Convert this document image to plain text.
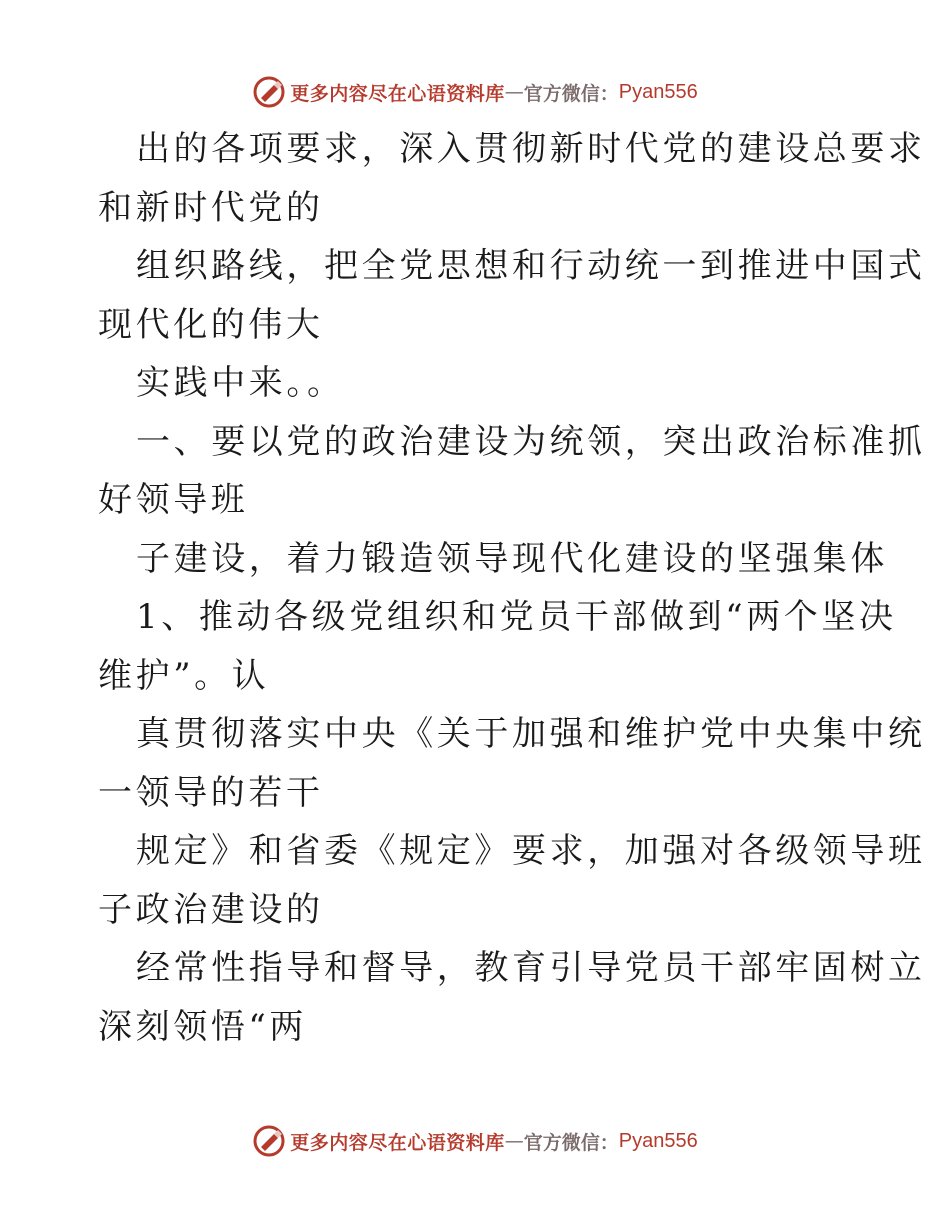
更多内容尽在心语资料库 — 官方微信： Pyan556
出的各项要求，深入贯彻新时代党的建设总要求
和新时代党的
组织路线，把全党思想和行动统一到推进中国式
现代化的伟大
实践中来。。
一、要以党的政治建设为统领，突出政治标准抓
好领导班
子建设，着力锻造领导现代化建设的坚强集体
1、推动各级党组织和党员干部做到“两个坚决
维护”。认
真贯彻落实中央《关于加强和维护党中央集中统
一领导的若干
规定》和省委《规定》要求，加强对各级领导班
子政治建设的
经常性指导和督导，教育引导党员干部牢固树立
深刻领悟“两
更多内容尽在心语资料库 — 官方微信： Pyan556
